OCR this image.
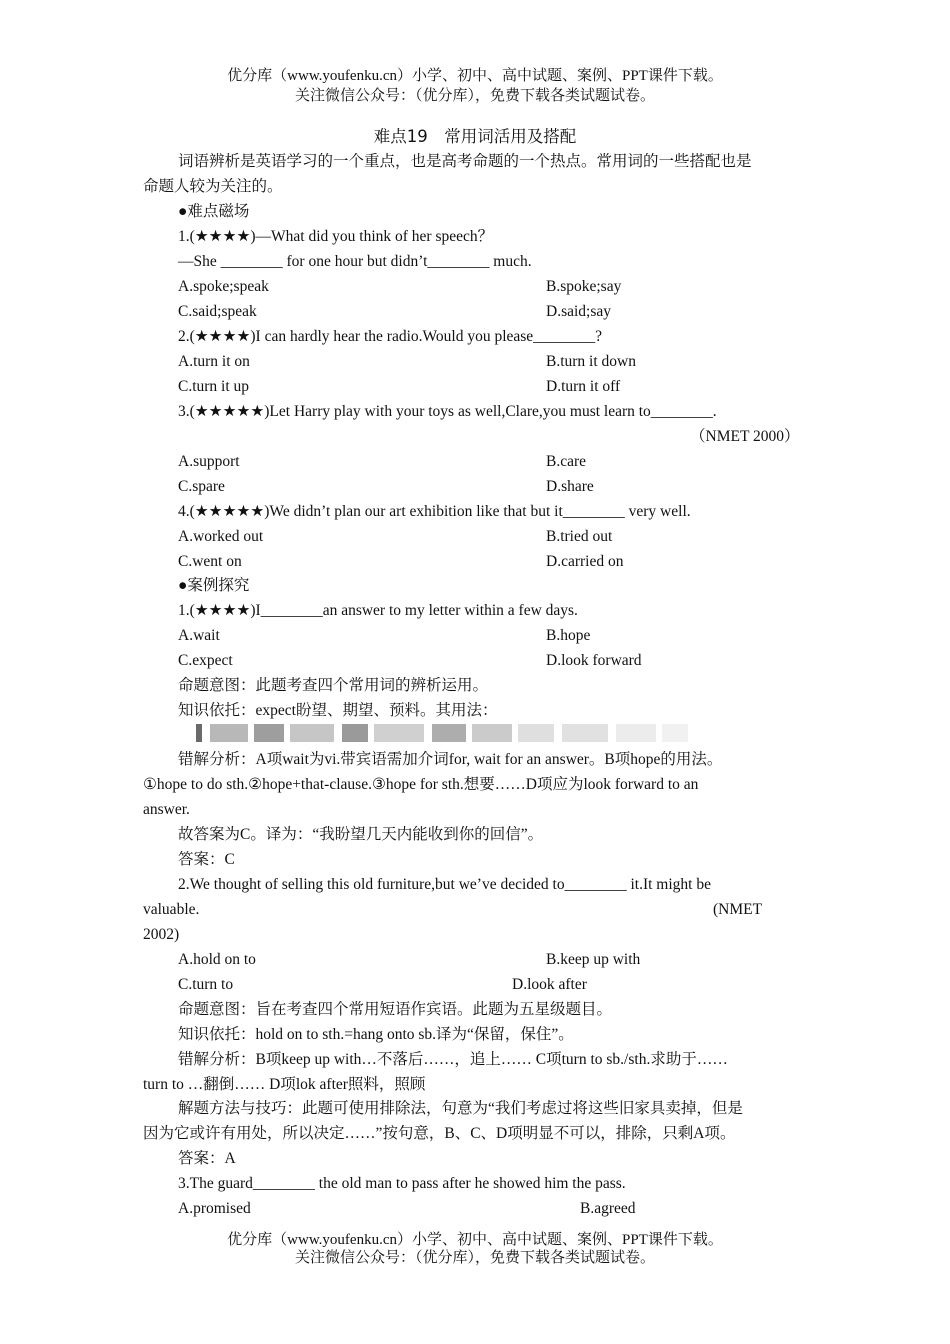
优分库（www.youfenku.cn）小学、初中、高中试题、案例、PPT课件下载。
关注微信公众号：（优分库），免费下载各类试题试卷。
难点19　常用词活用及搭配
词语辨析是英语学习的一个重点，也是高考命题的一个热点。常用词的一些搭配也是
命题人较为关注的。
●难点磁场
1.(★★★★)—What did you think of her speech？
—She ________ for one hour but didn’t________ much.
A.spoke;speak	B.spoke;say
C.said;speak	D.said;say
2.(★★★★)I can hardly hear the radio.Would you please________?
A.turn it on	B.turn it down
C.turn it up	D.turn it off
3.(★★★★★)Let Harry play with your toys as well,Clare,you must learn to________.
（NMET 2000）
A.support	B.care
C.spare	D.share
4.(★★★★★)We didn’t plan our art exhibition like that but it________ very well.
A.worked out	B.tried out
C.went on	D.carried on
●案例探究
1.(★★★★)I________an answer to my letter within a few days.
A.wait	B.hope
C.expect	D.look forward
命题意图：此题考查四个常用词的辨析运用。
知识依托：expect盼望、期望、预料。其用法：
错解分析：A项wait为vi.带宾语需加介词for, wait for an answer。B项hope的用法。
①hope to do sth.②hope+that-clause.③hope for sth.想要……D项应为look forward to an
answer.
故答案为C。译为：“我盼望几天内能收到你的回信”。
答案：C
2.We thought of selling this old furniture,but we’ve decided to________ it.It might be
valuable.	(NMET
2002)
A.hold on to	B.keep up with
C.turn to	D.look after
命题意图：旨在考查四个常用短语作宾语。此题为五星级题目。
知识依托：hold on to sth.=hang onto sb.译为“保留，保住”。
错解分析：B项keep up with…不落后……，追上…… C项turn to sb./sth.求助于……
turn to …翻倒…… D项lok after照料，照顾
解题方法与技巧：此题可使用排除法，句意为“我们考虑过将这些旧家具卖掉，但是
因为它或许有用处，所以决定……”按句意，B、C、D项明显不可以，排除，只剩A项。
答案：A
3.The guard________ the old man to pass after he showed him the pass.
A.promised	B.agreed
优分库（www.youfenku.cn）小学、初中、高中试题、案例、PPT课件下载。
关注微信公众号：（优分库），免费下载各类试题试卷。
